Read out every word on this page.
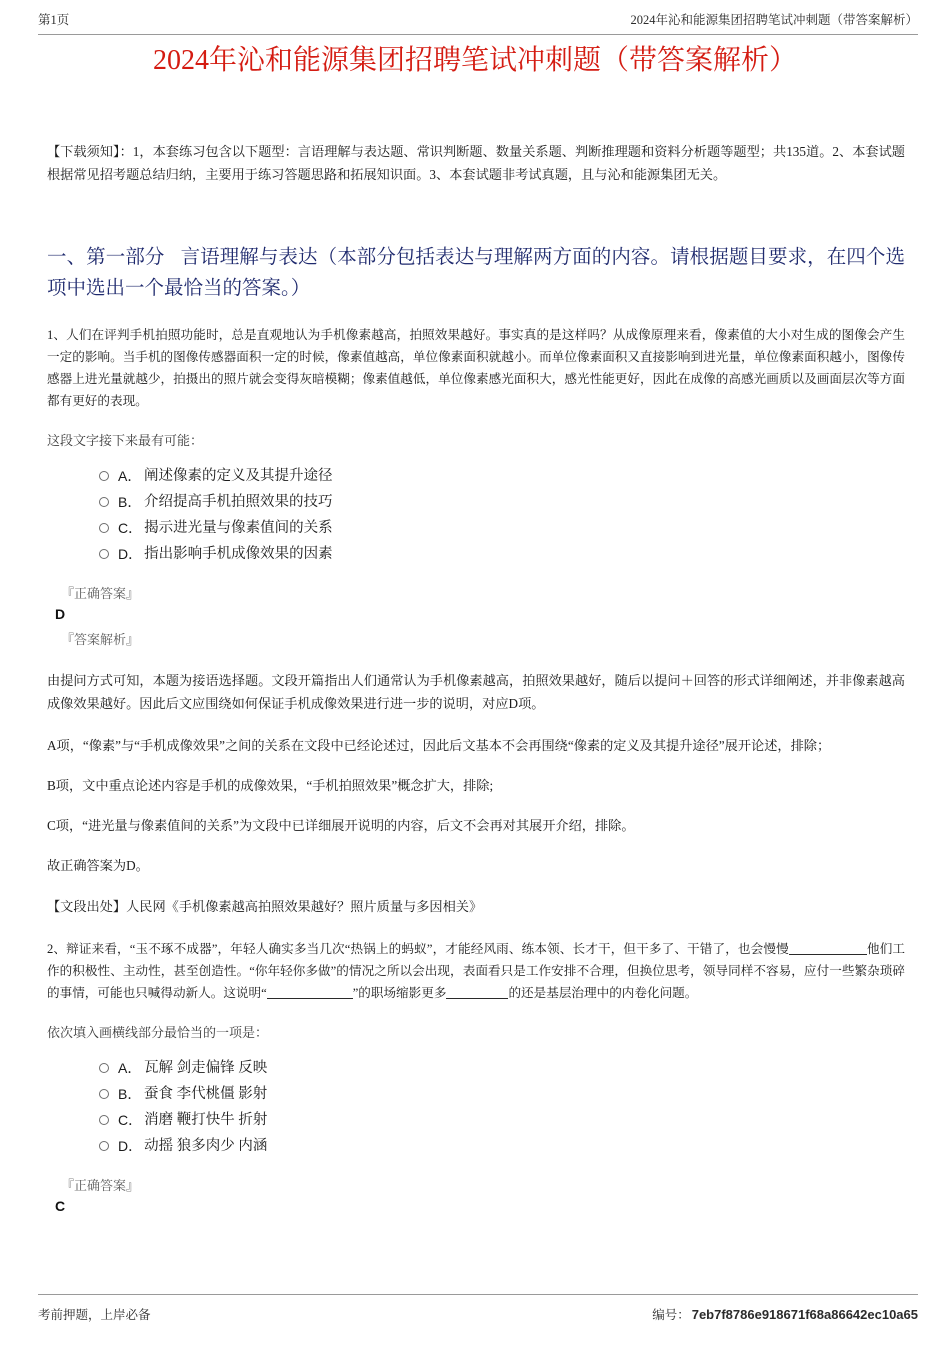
第1页	2024年沁和能源集团招聘笔试冲刺题（带答案解析）
2024年沁和能源集团招聘笔试冲刺题（带答案解析）

【下载须知】：1，本套练习包含以下题型：言语理解与表达题、常识判断题、数量关系题、判断推理题和资料分析题等题型；共135道。2、本套试题根据常见招考题总结归纳，主要用于练习答题思路和拓展知识面。3、本套试题非考试真题，且与沁和能源集团无关。

一、第一部分 言语理解与表达（本部分包括表达与理解两方面的内容。请根据题目要求，在四个选项中选出一个最恰当的答案。）

1、人们在评判手机拍照功能时，总是直观地认为手机像素越高，拍照效果越好。事实真的是这样吗？从成像原理来看，像素值的大小对生成的图像会产生一定的影响。当手机的图像传感器面积一定的时候，像素值越高，单位像素面积就越小。而单位像素面积又直接影响到进光量，单位像素面积越小，图像传感器上进光量就越少，拍摄出的照片就会变得灰暗模糊；像素值越低，单位像素感光面积大，感光性能更好，因此在成像的高感光画质以及画面层次等方面都有更好的表现。

这段文字接下来最有可能：

A． 阐述像素的定义及其提升途径
B． 介绍提高手机拍照效果的技巧
C． 揭示进光量与像素值间的关系
D． 指出影响手机成像效果的因素
『正确答案』
D
『答案解析』

由提问方式可知，本题为接语选择题。文段开篇指出人们通常认为手机像素越高，拍照效果越好，随后以提问＋回答的形式详细阐述，并非像素越高成像效果越好。因此后文应围绕如何保证手机成像效果进行进一步的说明，对应D项。

A项，“像素”与“手机成像效果”之间的关系在文段中已经论述过，因此后文基本不会再围绕“像素的定义及其提升途径”展开论述，排除；

B项，文中重点论述内容是手机的成像效果，“手机拍照效果”概念扩大，排除;

C项，“进光量与像素值间的关系”为文段中已详细展开说明的内容，后文不会再对其展开介绍，排除。

故正确答案为D。

【文段出处】人民网《手机像素越高拍照效果越好？照片质量与多因相关》

2、辩证来看，“玉不琢不成器”，年轻人确实多当几次“热锅上的蚂蚁”，才能经风雨、练本领、长才干，但干多了、干错了，也会慢慢	他们工作的积极性、主动性，甚至创造性。“你年轻你多做”的情况之所以会出现，表面看只是工作安排不合理，但换位思考，领导同样不容易，应付一些繁杂琐碎的事情，可能也只喊得动新人。这说明“	”的职场缩影更多	的还是基层治理中的内卷化问题。

依次填入画横线部分最恰当的一项是：

A． 瓦解 剑走偏锋 反映
B． 蚕食 李代桃僵 影射
C． 消磨 鞭打快牛 折射
D． 动摇 狼多肉少 内涵
『正确答案』
C
考前押题，上岸必备	编号： 7eb7f8786e918671f68a86642ec10a65
